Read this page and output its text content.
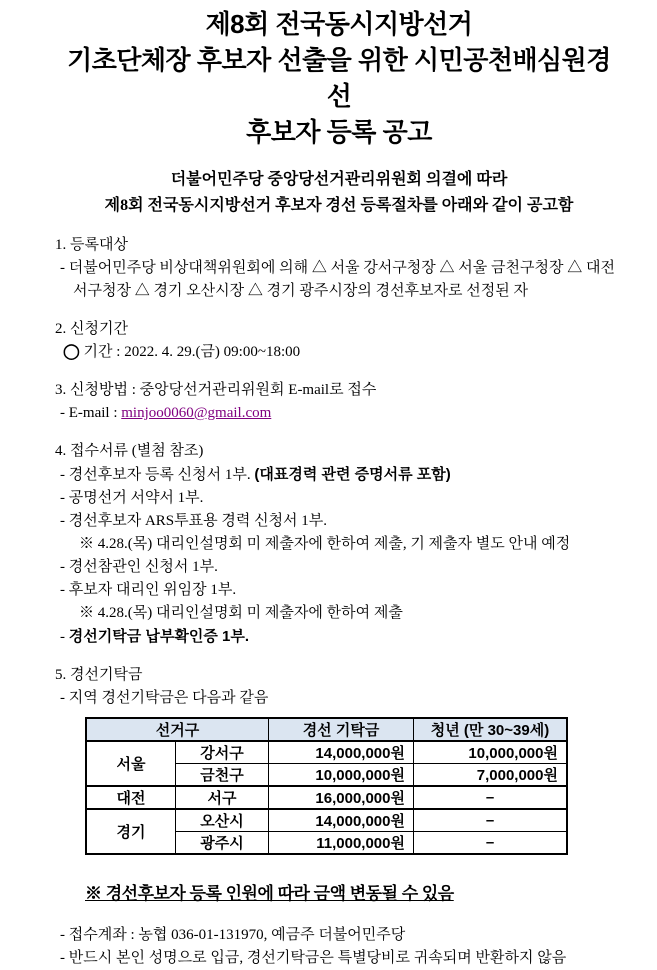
제8회 전국동시지방선거
기초단체장 후보자 선출을 위한 시민공천배심원경선
후보자 등록 공고
더불어민주당 중앙당선거관리위원회 의결에 따라
제8회 전국동시지방선거 후보자 경선 등록절차를 아래와 같이 공고함
1. 등록대상
- 더불어민주당 비상대책위원회에 의해 △ 서울 강서구청장 △ 서울 금천구청장 △ 대전 서구청장 △ 경기 오산시장 △ 경기 광주시장의 경선후보자로 선정된 자
2. 신청기간
◯ 기간 : 2022. 4. 29.(금) 09:00~18:00
3. 신청방법 : 중앙당선거관리위원회 E-mail로 접수
- E-mail : minjoo0060@gmail.com
4. 접수서류 (별첨 참조)
- 경선후보자 등록 신청서 1부. (대표경력 관련 증명서류 포함)
- 공명선거 서약서 1부.
- 경선후보자 ARS투표용 경력 신청서 1부.
※ 4.28.(목) 대리인설명회 미 제출자에 한하여 제출, 기 제출자 별도 안내 예정
- 경선참관인 신청서 1부.
- 후보자 대리인 위임장 1부.
※ 4.28.(목) 대리인설명회 미 제출자에 한하여 제출
- 경선기탁금 납부확인증 1부.
5. 경선기탁금
- 지역 경선기탁금은 다음과 같음
선거구		경선 기탁금	청년 (만 30~39세)
서울	강서구	14,000,000원	10,000,000원
	금천구	10,000,000원	7,000,000원
대전	서구	16,000,000원	–
경기	오산시	14,000,000원	–
	광주시	11,000,000원	–
※ 경선후보자 등록 인원에 따라 금액 변동될 수 있음
- 접수계좌 : 농협 036-01-131970, 예금주 더불어민주당
- 반드시 본인 성명으로 입금, 경선기탁금은 특별당비로 귀속되며 반환하지 않음
